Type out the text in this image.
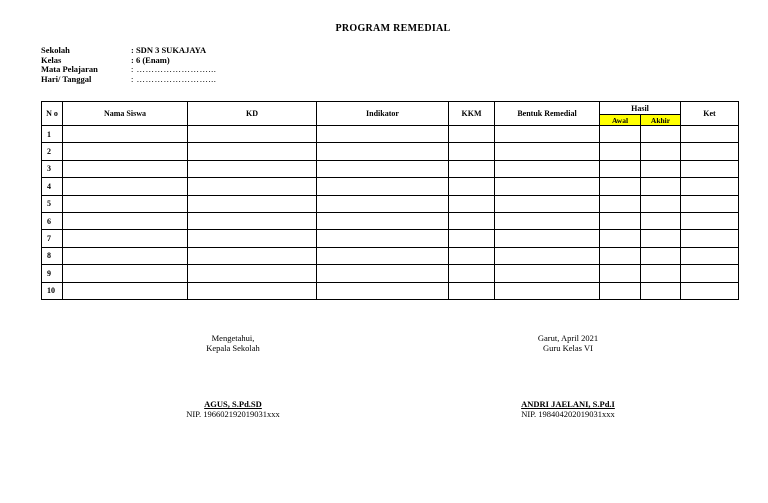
PROGRAM REMEDIAL
Sekolah	: SDN 3 SUKAJAYA
Kelas	: 6 (Enam)
Mata Pelajaran	: ……………………...
Hari/ Tanggal	: ……………………...
N o	Nama Siswa	KD	Indikator	KKM	Bentuk Remedial	Hasil		Ket
						Awal	Akhir	
1								
2								
3								
4								
5								
6								
7								
8								
9								
10								
Mengetahui,
Kepala Sekolah
AGUS, S.Pd.SD
NIP. 196602192019031xxx
Garut, April 2021
Guru Kelas VI
ANDRI JAELANI, S.Pd.I
NIP. 198404202019031xxx
